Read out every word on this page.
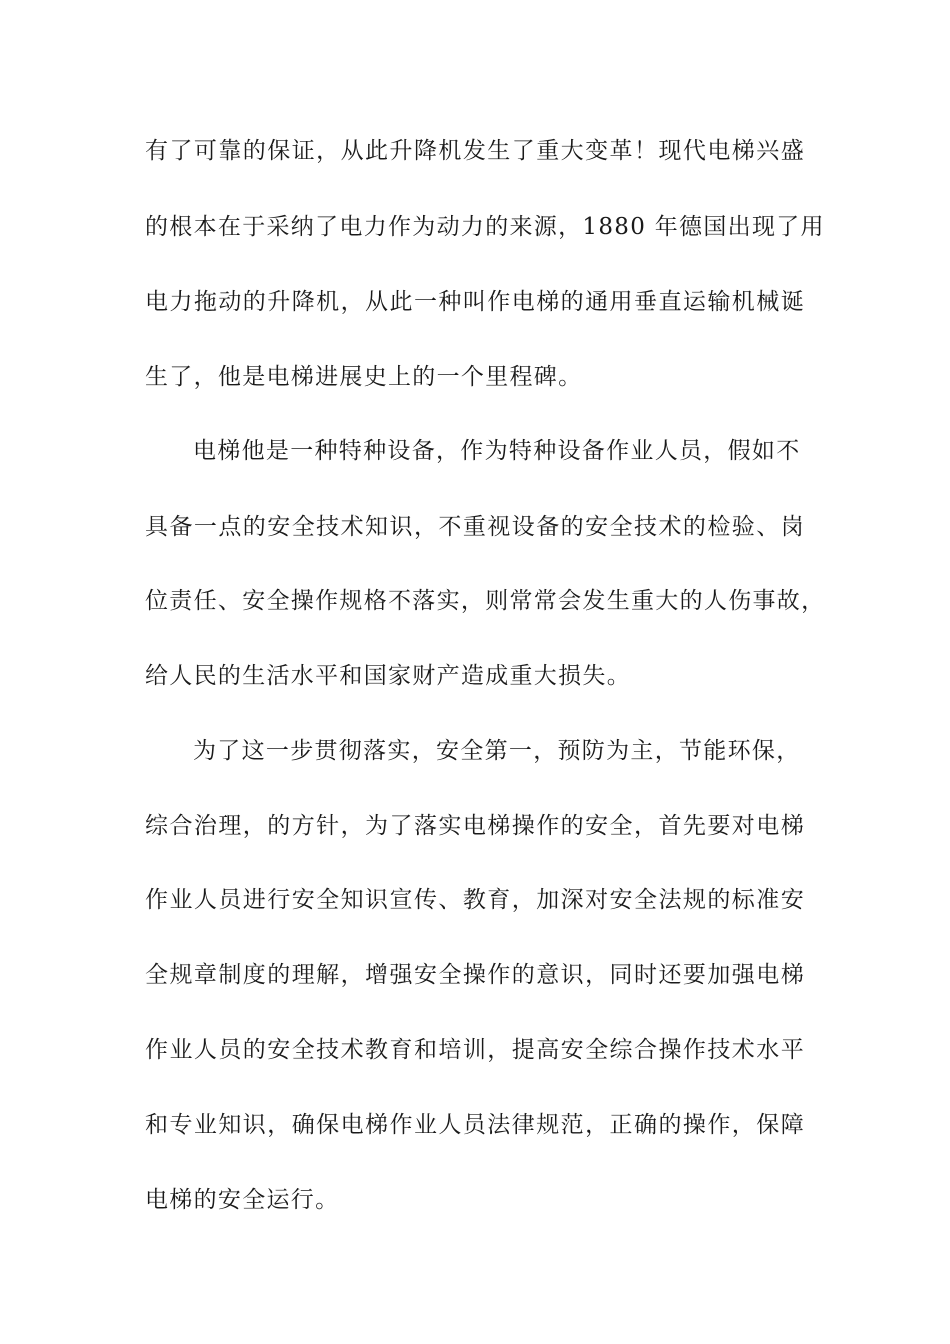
有了可靠的保证，从此升降机发生了重大变革！现代电梯兴盛
的根本在于采纳了电力作为动力的来源，1880 年德国出现了用
电力拖动的升降机，从此一种叫作电梯的通用垂直运输机械诞
生了，他是电梯进展史上的一个里程碑。
电梯他是一种特种设备，作为特种设备作业人员，假如不
具备一点的安全技术知识，不重视设备的安全技术的检验、岗
位责任、安全操作规格不落实，则常常会发生重大的人伤事故，
给人民的生活水平和国家财产造成重大损失。
为了这一步贯彻落实，安全第一，预防为主，节能环保，
综合治理，的方针，为了落实电梯操作的安全，首先要对电梯
作业人员进行安全知识宣传、教育，加深对安全法规的标准安
全规章制度的理解，增强安全操作的意识，同时还要加强电梯
作业人员的安全技术教育和培训，提高安全综合操作技术水平
和专业知识，确保电梯作业人员法律规范，正确的操作，保障
电梯的安全运行。
